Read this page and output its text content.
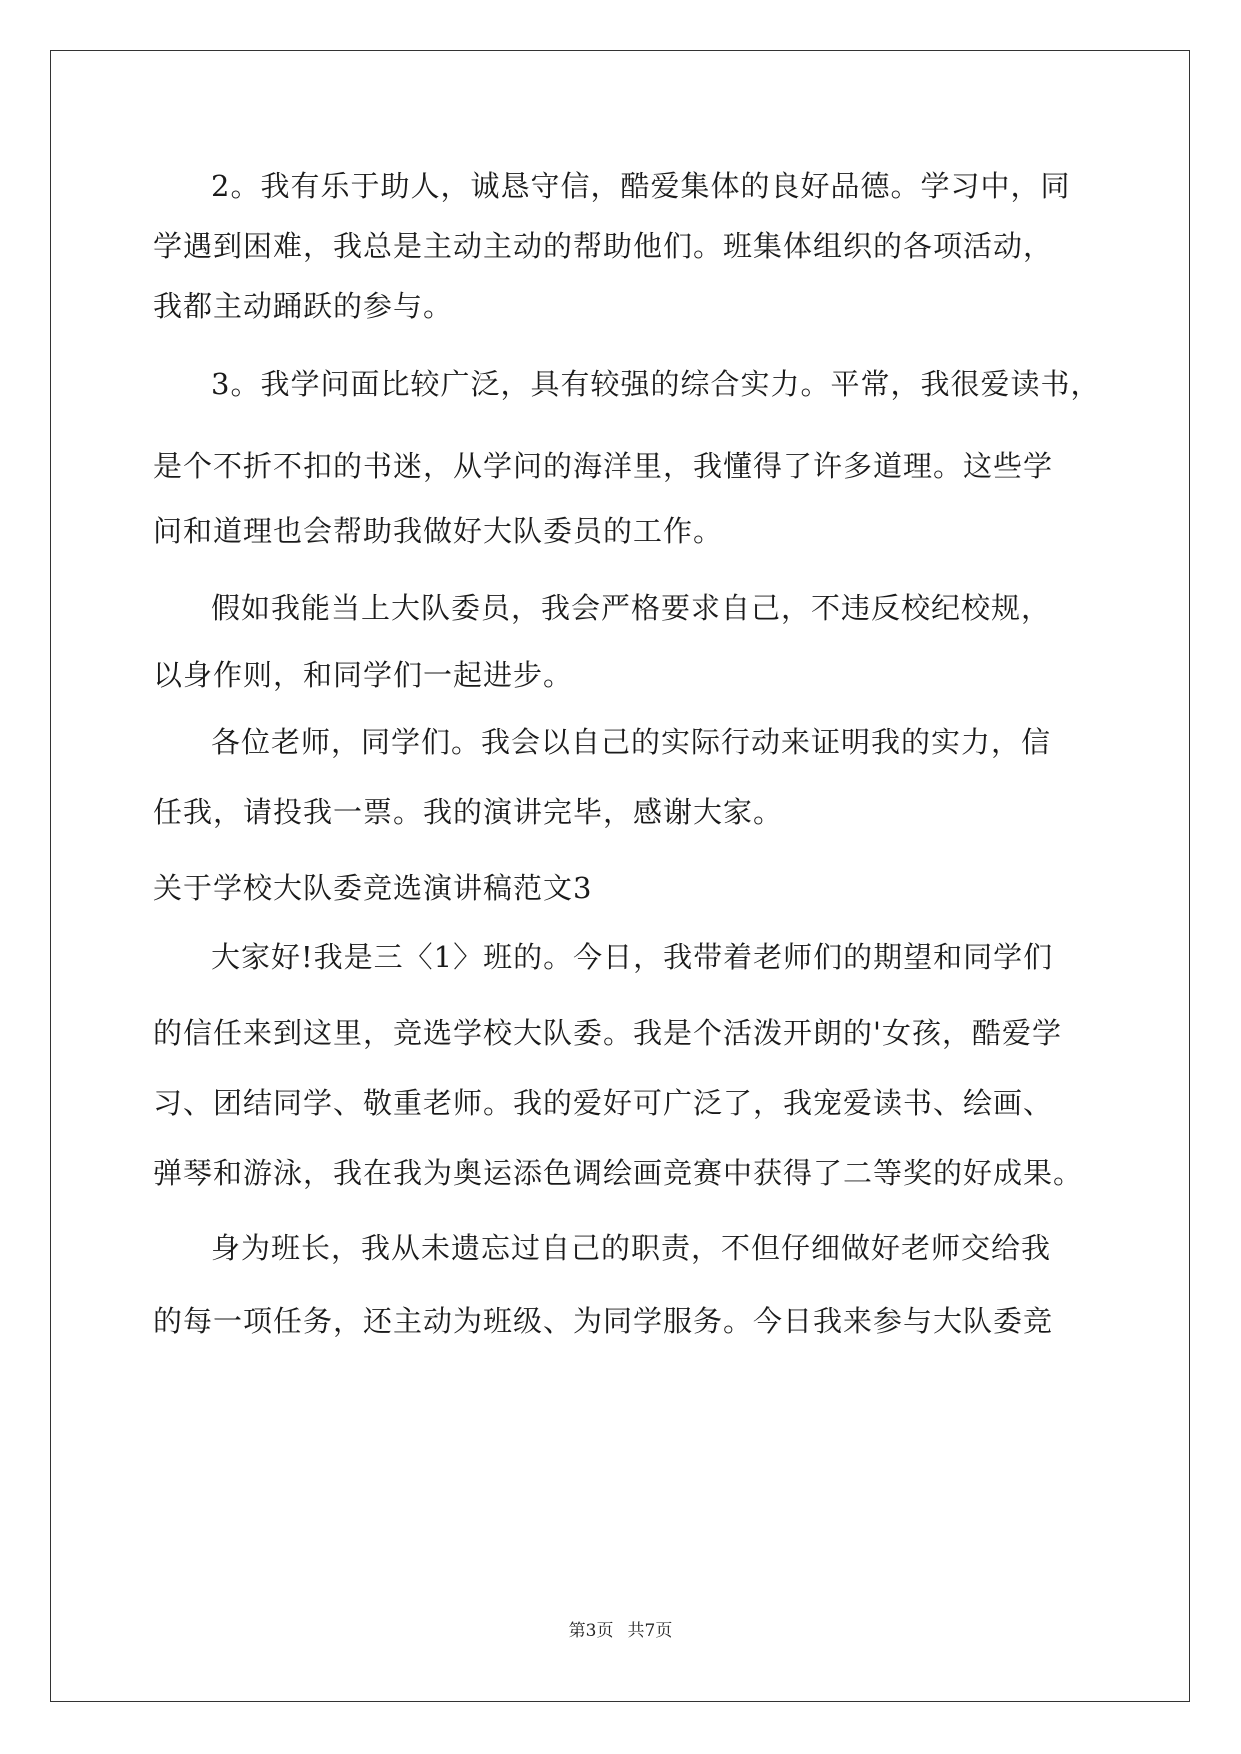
2。我有乐于助人，诚恳守信，酷爱集体的良好品德。学习中，同
学遇到困难，我总是主动主动的帮助他们。班集体组织的各项活动，
我都主动踊跃的参与。
3。我学问面比较广泛，具有较强的综合实力。平常，我很爱读书，
是个不折不扣的书迷，从学问的海洋里，我懂得了许多道理。这些学
问和道理也会帮助我做好大队委员的工作。
假如我能当上大队委员，我会严格要求自己，不违反校纪校规，
以身作则，和同学们一起进步。
各位老师，同学们。我会以自己的实际行动来证明我的实力，信
任我，请投我一票。我的演讲完毕，感谢大家。
关于学校大队委竞选演讲稿范文3
大家好!我是三〈1〉班的。今日，我带着老师们的期望和同学们
的信任来到这里，竞选学校大队委。我是个活泼开朗的'女孩，酷爱学
习、团结同学、敬重老师。我的爱好可广泛了，我宠爱读书、绘画、
弹琴和游泳，我在我为奥运添色调绘画竞赛中获得了二等奖的好成果。
身为班长，我从未遗忘过自己的职责，不但仔细做好老师交给我
的每一项任务，还主动为班级、为同学服务。今日我来参与大队委竞
第3页 共7页
